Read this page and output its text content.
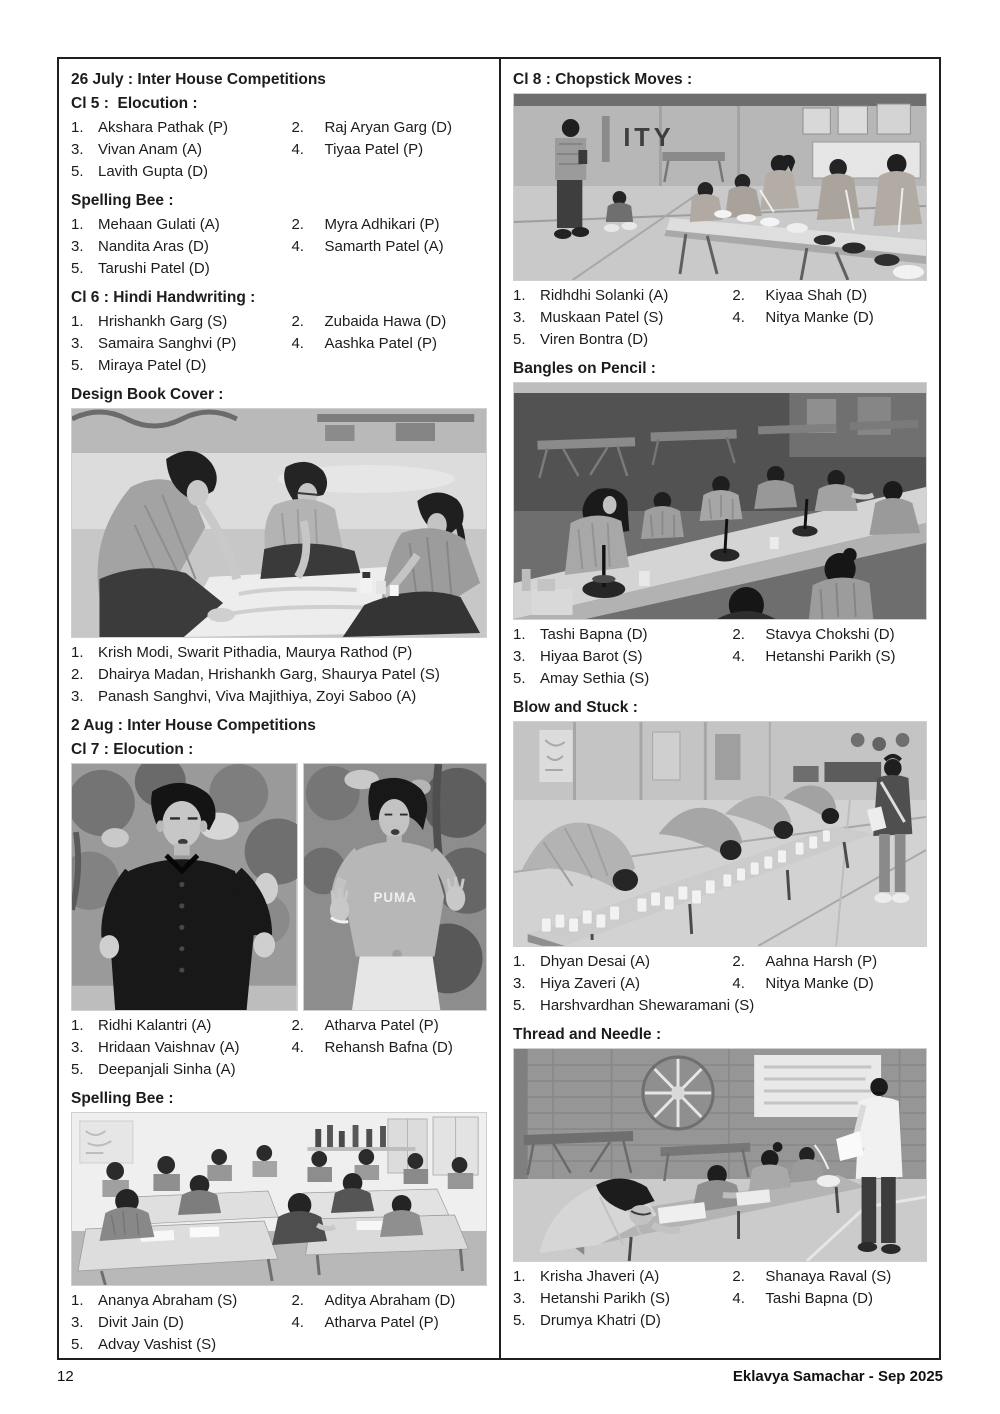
26 July : Inter House Competitions
Cl 5 :  Elocution :
1. Akshara Pathak (P)	2.	Raj Aryan Garg (D)
3. Vivan Anam (A)	4.	Tiyaa Patel (P)
5. Lavith Gupta (D)
Spelling Bee :
1. Mehaan Gulati (A)	2.	Myra Adhikari (P)
3. Nandita Aras (D)	4.	Samarth Patel (A)
5. Tarushi Patel (D)
Cl 6 : Hindi Handwriting :
1. Hrishankh Garg (S)	2.	Zubaida Hawa (D)
3. Samaira Sanghvi (P)	4.	Aashka Patel (P)
5. Miraya Patel (D)
Design Book Cover :
1. Krish Modi, Swarit Pithadia, Maurya Rathod (P)
2. Dhairya Madan, Hrishankh Garg, Shaurya Patel (S)
3. Panash Sanghvi, Viva Majithiya, Zoyi Saboo (A)
2 Aug : Inter House Competitions
Cl 7 : Elocution :
PUMA
1. Ridhi Kalantri (A)	2.	Atharva Patel (P)
3. Hridaan Vaishnav (A)	4.	Rehansh Bafna (D)
5. Deepanjali Sinha (A)
Spelling Bee :
1. Ananya Abraham (S)	2.	Aditya Abraham (D)
3. Divit Jain (D)	4.	Atharva Patel (P)
5. Advay Vashist (S)
Cl 8 : Chopstick Moves :
ITY
1. Ridhdhi Solanki (A)	2.	Kiyaa Shah (D)
3. Muskaan Patel (S)	4.	Nitya Manke (D)
5. Viren Bontra (D)
Bangles on Pencil :
1. Tashi Bapna (D)	2.	Stavya Chokshi (D)
3. Hiyaa Barot (S)	4.	Hetanshi Parikh (S)
5. Amay Sethia (S)
Blow and Stuck :
1. Dhyan Desai (A)	2.	Aahna Harsh (P)
3. Hiya Zaveri (A)	4.	Nitya Manke (D)
5. Harshvardhan Shewaramani (S)
Thread and Needle :
1. Krisha Jhaveri (A)	2.	Shanaya Raval (S)
3. Hetanshi Parikh (S)	4.	Tashi Bapna (D)
5. Drumya Khatri (D)
12	Eklavya Samachar - Sep 2025
